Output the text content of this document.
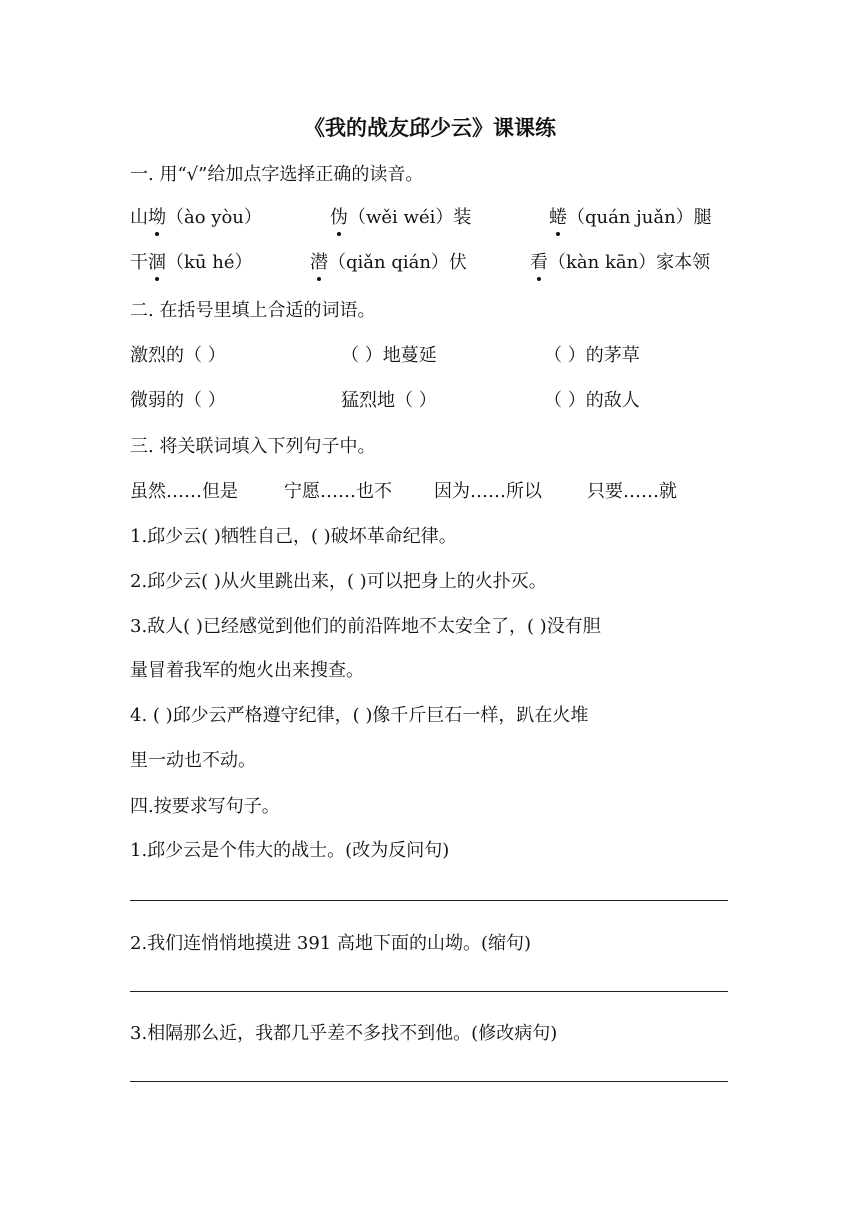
《我的战友邱少云》课课练
一. 用“√”给加点字选择正确的读音。
山坳（ào yòu）	伪（wěi wéi）装	蜷（quán juǎn）腿
干涸（kū hé）	潜（qiǎn qián）伏	看（kàn kān）家本领
二. 在括号里填上合适的词语。
激烈的（ ）	（ ）地蔓延	（ ）的茅草
微弱的（ ）	猛烈地（ ）	（ ）的敌人
三. 将关联词填入下列句子中。
虽然……但是	宁愿……也不 因为……所以	只要……就
1.邱少云( )牺牲自己，( )破坏革命纪律。
2.邱少云( )从火里跳出来，( )可以把身上的火扑灭。
3.敌人( )已经感觉到他们的前沿阵地不太安全了，( )没有胆
量冒着我军的炮火出来搜查。
4. ( )邱少云严格遵守纪律，( )像千斤巨石一样，趴在火堆
里一动也不动。
四.按要求写句子。
1.邱少云是个伟大的战士。(改为反问句)
2.我们连悄悄地摸进 391 高地下面的山坳。(缩句)
3.相隔那么近，我都几乎差不多找不到他。(修改病句)
